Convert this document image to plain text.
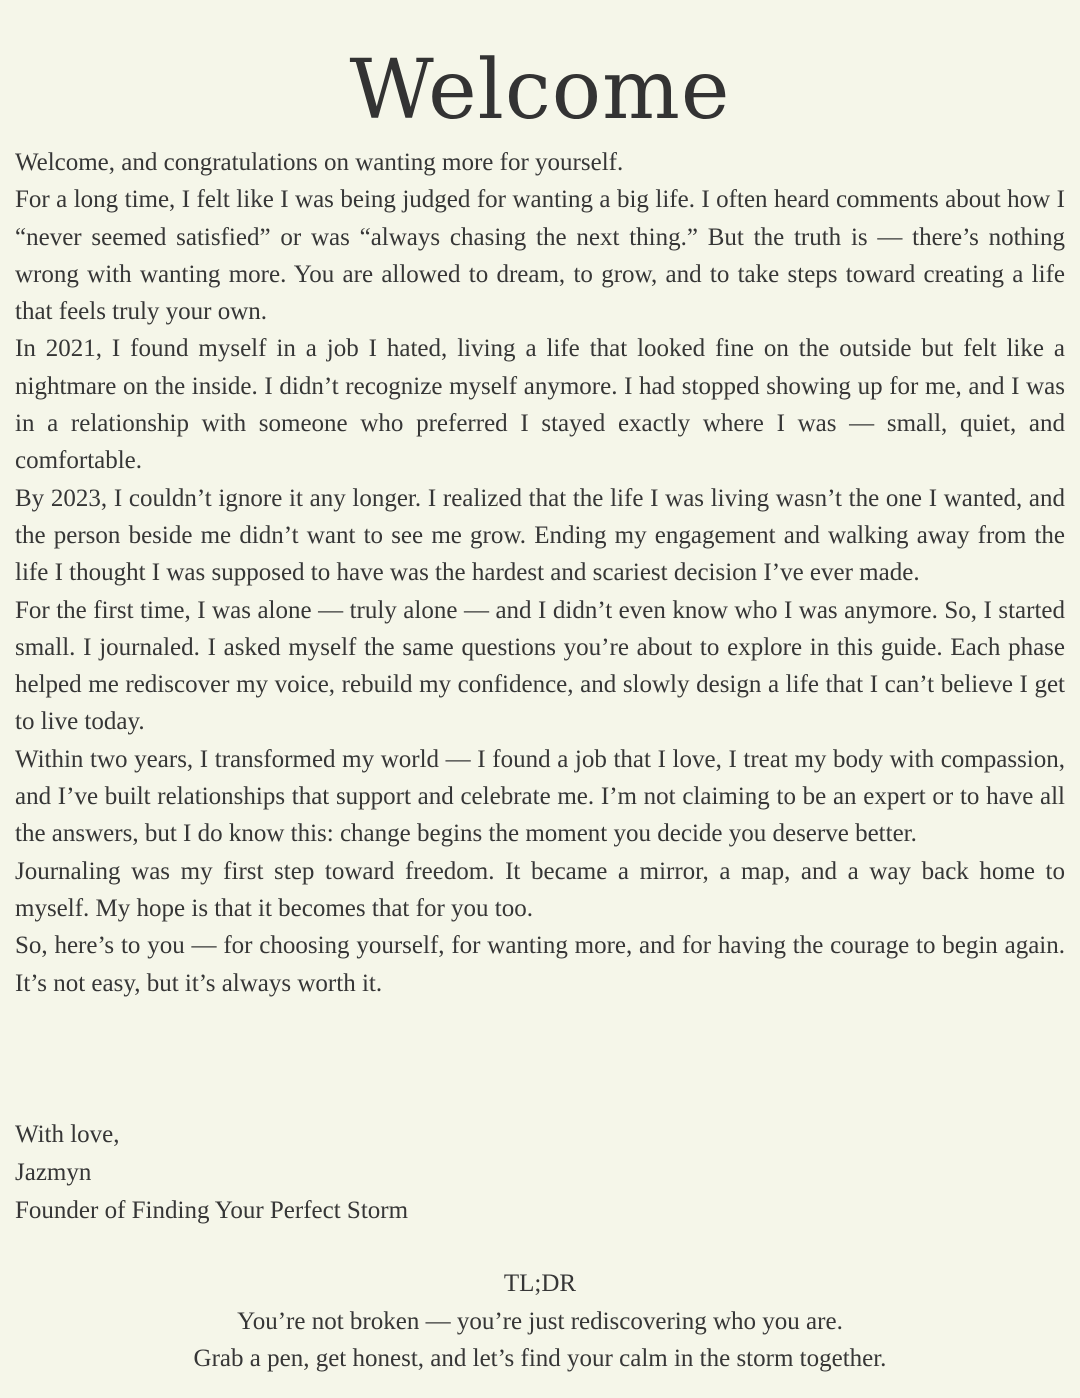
Welcome

Welcome, and congratulations on wanting more for yourself.

For a long time, I felt like I was being judged for wanting a big life. I often heard comments about how I “never seemed satisfied” or was “always chasing the next thing.” But the truth is — there’s nothing wrong with wanting more. You are allowed to dream, to grow, and to take steps toward creating a life that feels truly your own.

In 2021, I found myself in a job I hated, living a life that looked fine on the outside but felt like a nightmare on the inside. I didn’t recognize myself anymore. I had stopped showing up for me, and I was in a relationship with someone who preferred I stayed exactly where I was — small, quiet, and comfortable.

By 2023, I couldn’t ignore it any longer. I realized that the life I was living wasn’t the one I wanted, and the person beside me didn’t want to see me grow. Ending my engagement and walking away from the life I thought I was supposed to have was the hardest and scariest decision I’ve ever made.

For the first time, I was alone — truly alone — and I didn’t even know who I was anymore. So, I started small. I journaled. I asked myself the same questions you’re about to explore in this guide. Each phase helped me rediscover my voice, rebuild my confidence, and slowly design a life that I can’t believe I get to live today.

Within two years, I transformed my world — I found a job that I love, I treat my body with compassion, and I’ve built relationships that support and celebrate me. I’m not claiming to be an expert or to have all the answers, but I do know this: change begins the moment you decide you deserve better.

Journaling was my first step toward freedom. It became a mirror, a map, and a way back home to myself. My hope is that it becomes that for you too.

So, here’s to you — for choosing yourself, for wanting more, and for having the courage to begin again. It’s not easy, but it’s always worth it.

With love,
Jazmyn
Founder of Finding Your Perfect Storm
TL;DR
You’re not broken — you’re just rediscovering who you are.
Grab a pen, get honest, and let’s find your calm in the storm together.
